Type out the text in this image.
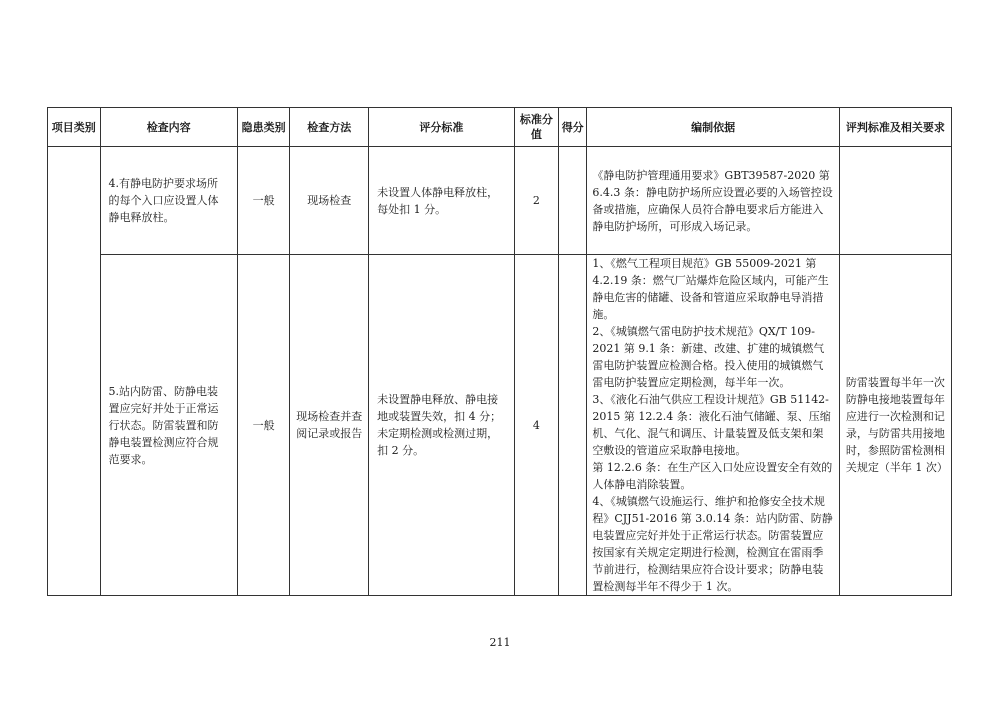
项目类别	检查内容	隐患类别	检查方法	评分标准	标准分值	得分	编制依据	评判标准及相关要求
	4.有静电防护要求场所的每个入口应设置人体静电释放柱。	一般	现场检查	未设置人体静电释放柱，每处扣 1 分。	2		《静电防护管理通用要求》GBT39587-2020 第 6.4.3 条：静电防护场所应设置必要的入场管控设备或措施，应确保人员符合静电要求后方能进入静电防护场所，可形成入场记录。	

	5.站内防雷、防静电装置应完好并处于正常运行状态。防雷装置和防静电装置检测应符合规范要求。	一般	现场检查并查阅记录或报告	未设置静电释放、静电接地或装置失效，扣 4 分；未定期检测或检测过期，扣 2 分。	4		1、《燃气工程项目规范》GB 55009-2021 第 4.2.19 条：燃气厂站爆炸危险区域内，可能产生静电危害的储罐、设备和管道应采取静电导消措施。

2、《城镇燃气雷电防护技术规范》QX/T 109-2021 第 9.1 条：新建、改建、扩建的城镇燃气雷电防护装置应检测合格。投入使用的城镇燃气雷电防护装置应定期检测，每半年一次。

3、《液化石油气供应工程设计规范》GB 51142-2015 第 12.2.4 条：液化石油气储罐、泵、压缩机、气化、混气和调压、计量装置及低支架和架空敷设的管道应采取静电接地。

第 12.2.6 条：在生产区入口处应设置安全有效的人体静电消除装置。

4、《城镇燃气设施运行、维护和抢修安全技术规程》CJJ51-2016 第 3.0.14 条：站内防雷、防静电装置应完好并处于正常运行状态。防雷装置应按国家有关规定定期进行检测，检测宜在雷雨季节前进行，检测结果应符合设计要求；防静电装置检测每半年不得少于 1 次。	防雷装置每半年一次防静电接地装置每年应进行一次检测和记录，与防雷共用接地时，参照防雷检测相关规定（半年 1 次）
211
